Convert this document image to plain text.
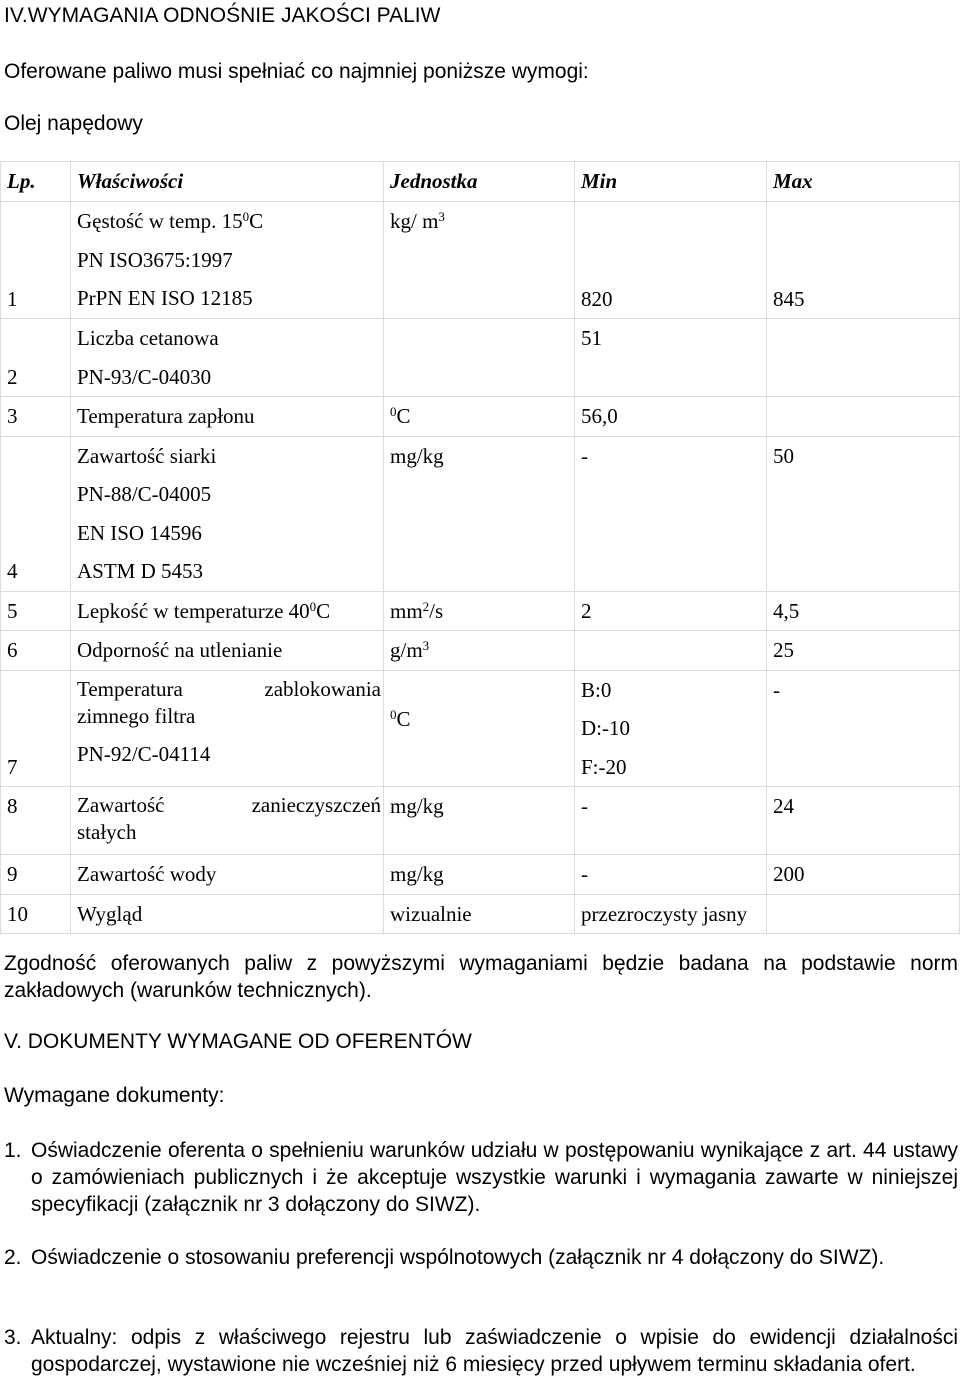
IV.WYMAGANIA ODNOŚNIE JAKOŚCI PALIW
Oferowane paliwo musi spełniać co najmniej poniższe wymogi:
Olej napędowy
Lp.	Właściwości	Jednostka	Min	Max
1	Gęstość w temp. $15^0C$
PN ISO3675:1997
PrPN EN ISO 12185	kg/ $m^3$	820	845
2	Liczba cetanowa
PN-93/C-04030		51	

3	Temperatura zapłonu	$^0$C	56,0	
4	Zawartość siarki
PN-88/C-04005
EN ISO 14596
ASTM D 5453	mg/kg	-	50
5	Lepkość w temperaturze $40^0C$	$mm^2/s$	2	4,5
6	Odporność na utlenianie	$g/m^3$		25
7	Temperatura zablokowania
zimnego filtra
PN-92/C-04114	$^0$C	B:0
D:-10
F:-20	-
8	Zawartość zanieczyszczeń
stałych	mg/kg	-	24
9	Zawartość wody	mg/kg	-	200
10	Wygląd	wizualnie	przezroczysty jasny	
Zgodność oferowanych paliw z powyższymi wymaganiami będzie badana na podstawie norm zakładowych (warunków technicznych).
V. DOKUMENTY WYMAGANE OD OFERENTÓW
Wymagane dokumenty:
1. Oświadczenie oferenta o spełnieniu warunków udziału w postępowaniu wynikające z art. 44 ustawy o zamówieniach publicznych i że akceptuje wszystkie warunki i wymagania zawarte w niniejszej specyfikacji (załącznik nr 3 dołączony do SIWZ).
2. Oświadczenie o stosowaniu preferencji wspólnotowych (załącznik nr 4 dołączony do SIWZ).
3. Aktualny: odpis z właściwego rejestru lub zaświadczenie o wpisie do ewidencji działalności gospodarczej, wystawione nie wcześniej niż 6 miesięcy przed upływem terminu składania ofert.
